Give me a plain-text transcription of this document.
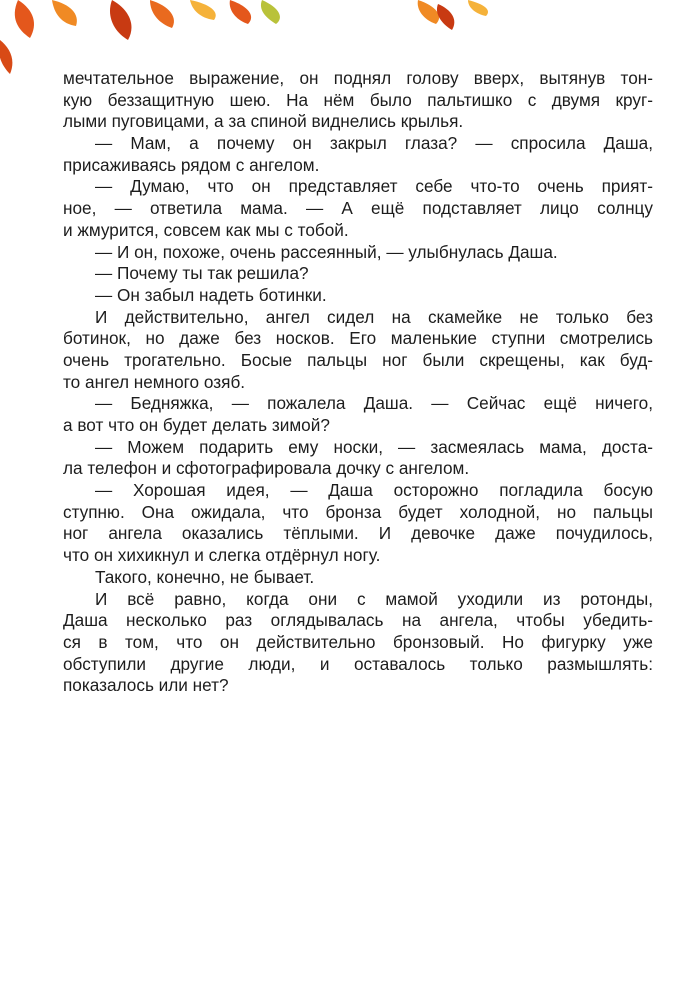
мечтательное выражение, он поднял голову вверх, вытянув тон-
кую беззащитную шею. На нём было пальтишко с двумя круг-
лыми пуговицами, а за спиной виднелись крылья.
— Мам, а почему он закрыл глаза? — спросила Даша,
присаживаясь рядом с ангелом.
— Думаю, что он представляет себе что-то очень прият-
ное, — ответила мама. — А ещё подставляет лицо солнцу
и жмурится, совсем как мы с тобой.
— И он, похоже, очень рассеянный, — улыбнулась Даша.
— Почему ты так решила?
— Он забыл надеть ботинки.
И действительно, ангел сидел на скамейке не только без
ботинок, но даже без носков. Его маленькие ступни смотрелись
очень трогательно. Босые пальцы ног были скрещены, как буд-
то ангел немного озяб.
— Бедняжка, — пожалела Даша. — Сейчас ещё ничего,
а вот что он будет делать зимой?
— Можем подарить ему носки, — засмеялась мама, доста-
ла телефон и сфотографировала дочку с ангелом.
— Хорошая идея, — Даша осторожно погладила босую
ступню. Она ожидала, что бронза будет холодной, но пальцы
ног ангела оказались тёплыми. И девочке даже почудилось,
что он хихикнул и слегка отдёрнул ногу.
Такого, конечно, не бывает.
И всё равно, когда они с мамой уходили из ротонды,
Даша несколько раз оглядывалась на ангела, чтобы убедить-
ся в том, что он действительно бронзовый. Но фигурку уже
обступили другие люди, и оставалось только размышлять:
показалось или нет?
